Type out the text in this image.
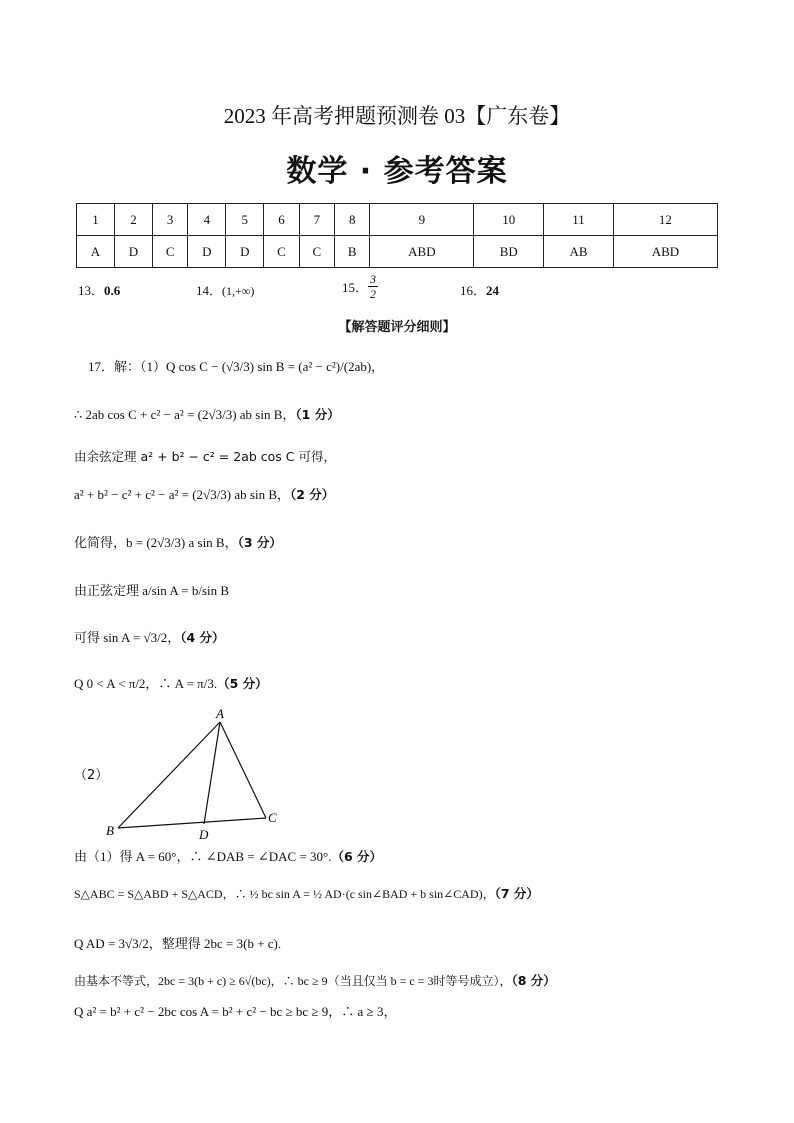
2023 年高考押题预测卷 03【广东卷】
数学 · 参考答案
1	2	3	4	5	6	7	8	9	10	11	12
A	D	C	D	D	C	C	B	ABD	BD	AB	ABD
13．0.6	14．(1,+∞)	15． $\frac{3}{2}$	16．24
【解答题评分细则】
17．解：（1）Q cos C − (√3/3) sin B = (a² − c²)/(2ab)，
∴ 2ab cos C + c² − a² = (2√3/3) ab sin B，（1 分）
由余弦定理 a² + b² − c² = 2ab cos C 可得，
a² + b² − c² + c² − a² = (2√3/3) ab sin B，（2 分）
化简得，b = (2√3/3) a sin B，（3 分）
由正弦定理 a/sin A = b/sin B
可得 sin A = √3/2，（4 分）
Q 0 < A < π/2，∴ A = π/3.（5 分）
（2）
A
B
C
D
由（1）得 A = 60°，∴ ∠DAB = ∠DAC = 30°.（6 分）
S△ABC = S△ABD + S△ACD，∴ ½ bc sin A = ½ AD·(c sin∠BAD + b sin∠CAD)，（7 分）
Q AD = 3√3/2，整理得 2bc = 3(b + c).
由基本不等式，2bc = 3(b + c) ≥ 6√(bc)，∴ bc ≥ 9（当且仅当 b = c = 3时等号成立），（8 分）
Q a² = b² + c² − 2bc cos A = b² + c² − bc ≥ bc ≥ 9，∴ a ≥ 3，
